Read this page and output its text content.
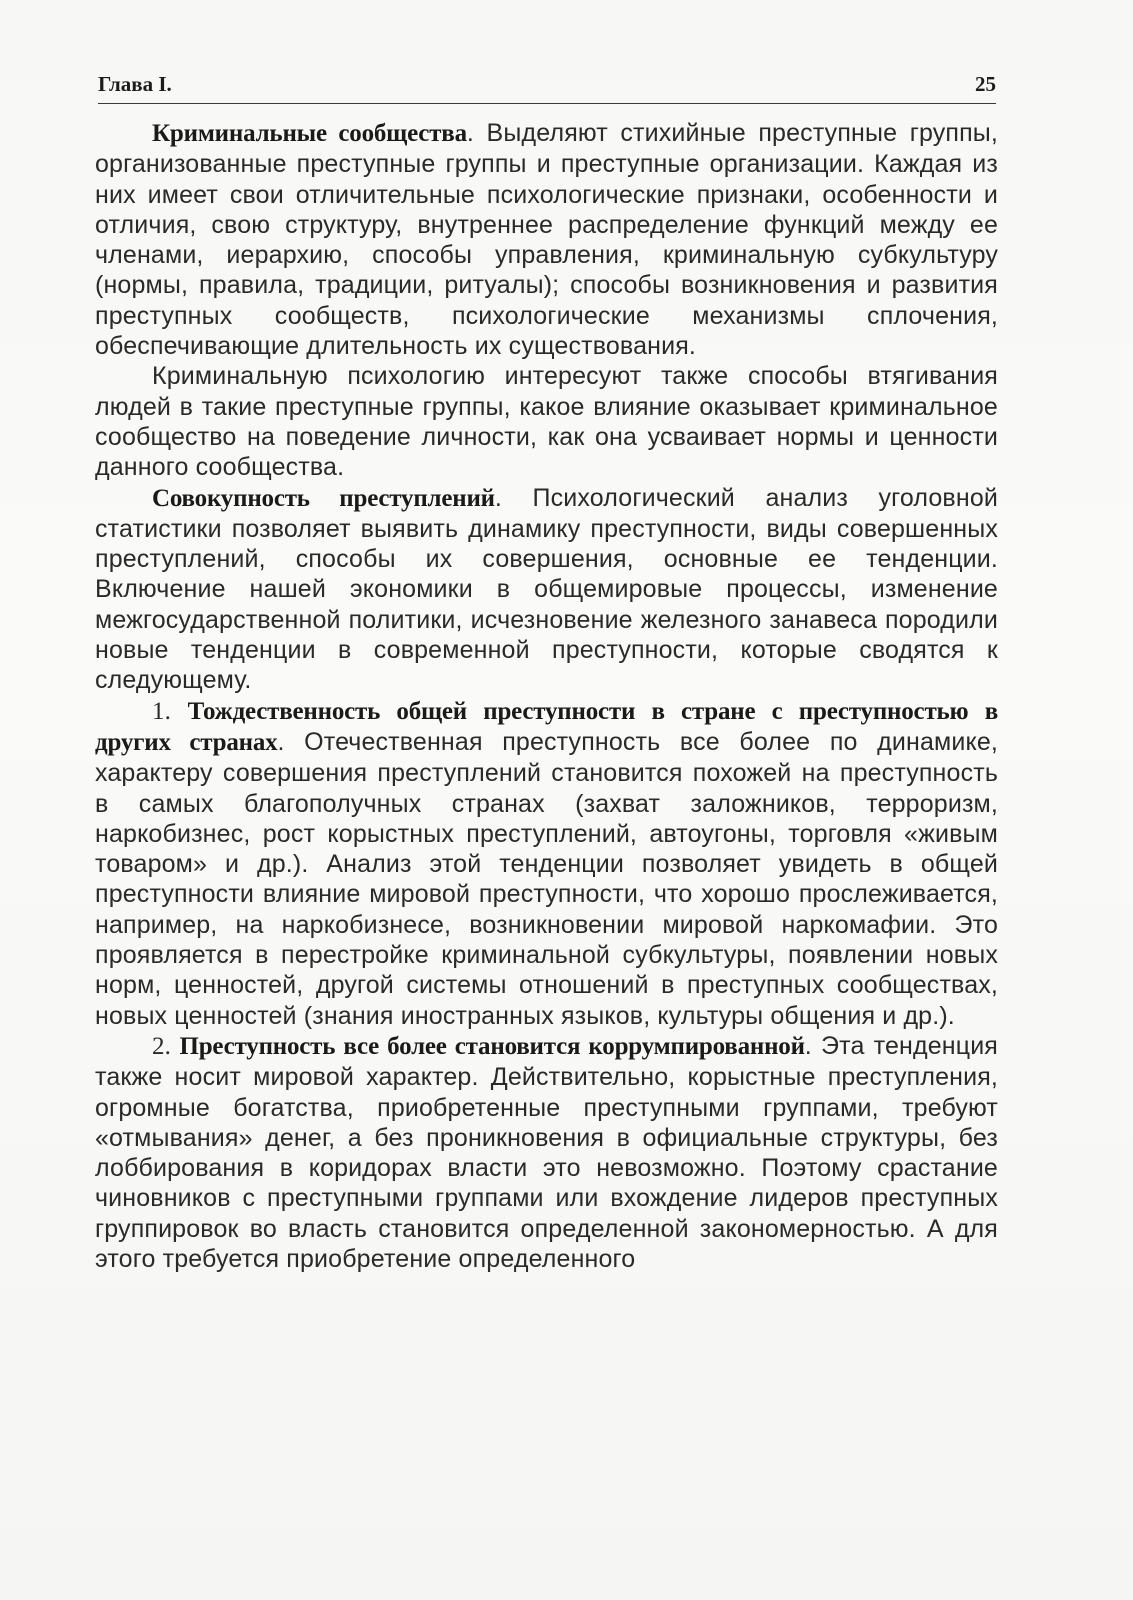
Глава I.	25

Криминальные сообщества. Выделяют стихийные преступные группы, организованные преступные группы и преступные организации. Каждая из них имеет свои отличительные психологические признаки, особенности и отличия, свою структуру, внутреннее распределение функций между ее членами, иерархию, способы управления, криминальную субкультуру (нормы, правила, традиции, ритуалы); способы возникновения и развития преступных сообществ, психологические механизмы сплочения, обеспечивающие длительность их существования.

Криминальную психологию интересуют также способы втягивания людей в такие преступные группы, какое влияние оказывает криминальное сообщество на поведение личности, как она усваивает нормы и ценности данного сообщества.

Совокупность преступлений. Психологический анализ уголовной статистики позволяет выявить динамику преступности, виды совершенных преступлений, способы их совершения, основные ее тенденции. Включение нашей экономики в общемировые процессы, изменение межгосударственной политики, исчезновение железного занавеса породили новые тенденции в современной преступности, которые сводятся к следующему.

1. Тождественность общей преступности в стране с преступностью в других странах. Отечественная преступность все более по динамике, характеру совершения преступлений становится похожей на преступность в самых благополучных странах (захват заложников, терроризм, наркобизнес, рост корыстных преступлений, автоугоны, торговля «живым товаром» и др.). Анализ этой тенденции позволяет увидеть в общей преступности влияние мировой преступности, что хорошо прослеживается, например, на наркобизнесе, возникновении мировой наркомафии. Это проявляется в перестройке криминальной субкультуры, появлении новых норм, ценностей, другой системы отношений в преступных сообществах, новых ценностей (знания иностранных языков, культуры общения и др.).

2. Преступность все более становится коррумпированной. Эта тенденция также носит мировой характер. Действительно, корыстные преступления, огромные богатства, приобретенные преступными группами, требуют «отмывания» денег, а без проникновения в официальные структуры, без лоббирования в коридорах власти это невозможно. Поэтому срастание чиновников с преступными группами или вхождение лидеров преступных группировок во власть становится определенной закономерностью. А для этого требуется приобретение определенного
